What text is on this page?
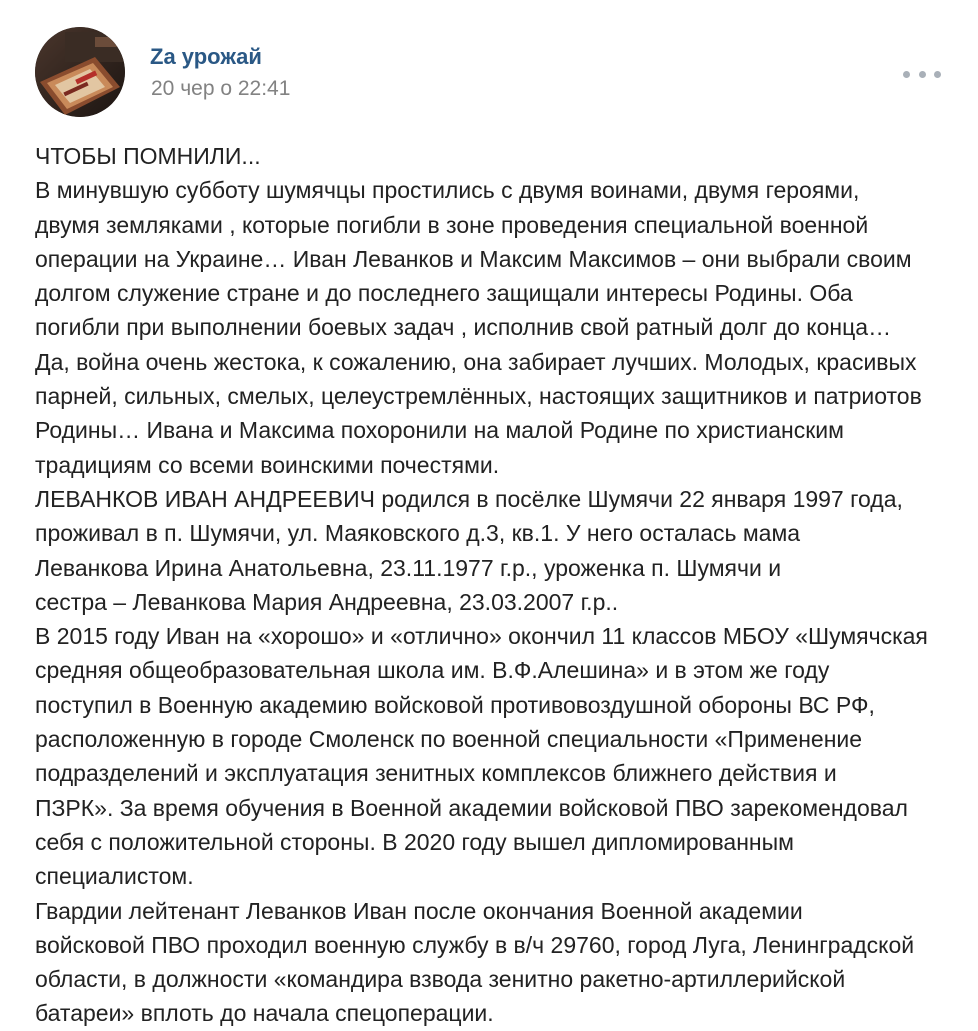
Zа урожай
20 чер о 22:41
ЧТОБЫ ПОМНИЛИ...
В минувшую субботу шумячцы простились с двумя воинами, двумя героями,
двумя земляками , которые погибли в зоне проведения специальной военной
операции на Украине… Иван Леванков и Максим Максимов – они выбрали своим
долгом служение стране и до последнего защищали интересы Родины. Оба
погибли при выполнении боевых задач , исполнив свой ратный долг до конца…
Да, война очень жестока, к сожалению, она забирает лучших. Молодых, красивых
парней, сильных, смелых, целеустремлённых, настоящих защитников и патриотов
Родины… Ивана и Максима похоронили на малой Родине по христианским
традициям со всеми воинскими почестями.
ЛЕВАНКОВ ИВАН АНДРЕЕВИЧ родился в посёлке Шумячи 22 января 1997 года,
проживал в п. Шумячи, ул. Маяковского д.3, кв.1. У него осталась мама
Леванкова Ирина Анатольевна, 23.11.1977 г.р., уроженка п. Шумячи и
сестра – Леванкова Мария Андреевна, 23.03.2007 г.р..
В 2015 году Иван на «хорошо» и «отлично» окончил 11 классов МБОУ «Шумячская
средняя общеобразовательная школа им. В.Ф.Алешина» и в этом же году
поступил в Военную академию войсковой противовоздушной обороны ВС РФ,
расположенную в городе Смоленск по военной специальности «Применение
подразделений и эксплуатация зенитных комплексов ближнего действия и
ПЗРК». За время обучения в Военной академии войсковой ПВО зарекомендовал
себя с положительной стороны. В 2020 году вышел дипломированным
специалистом.
Гвардии лейтенант Леванков Иван после окончания Военной академии
войсковой ПВО проходил военную службу в в/ч 29760, город Луга, Ленинградской
области, в должности «командира взвода зенитно ракетно-артиллерийской
батареи» вплоть до начала спецоперации.
